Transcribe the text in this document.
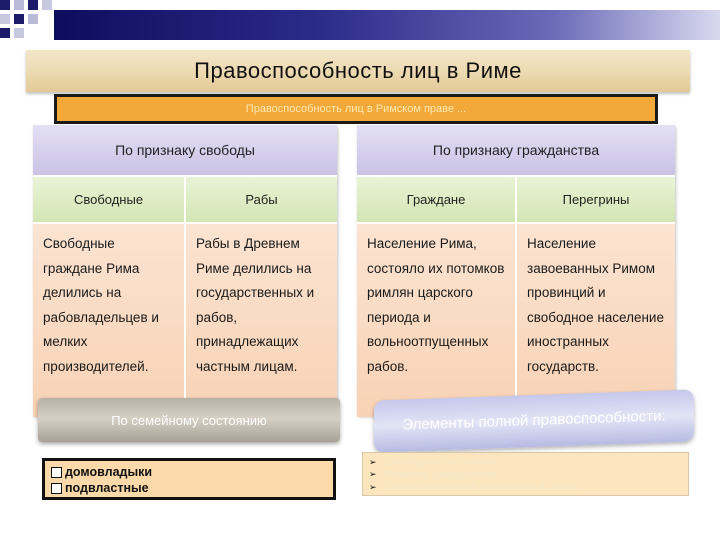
Правоспособность лиц в Риме
Правоспособность лиц в Римском праве ...
По признаку свободы
Свободные	Рабы
Свободные граждане Рима делились на рабовладельцев и мелких производителей.
Рабы в Древнем Риме делились на государственных и рабов, принадлежащих частным лицам.
По признаку гражданства
Граждане	Перегрины
Население Рима, состояло их потомков римлян царского периода и вольноотпущенных рабов.
Население завоеванных Римом провинций и свободное население иностранных государств.
По семейному состоянию
домовладыки
подвластные
Элементы полной правоспособности:
➢ Свободное состояние
➢ Римское гражданство
➢ Самостоятельное положение в семье
